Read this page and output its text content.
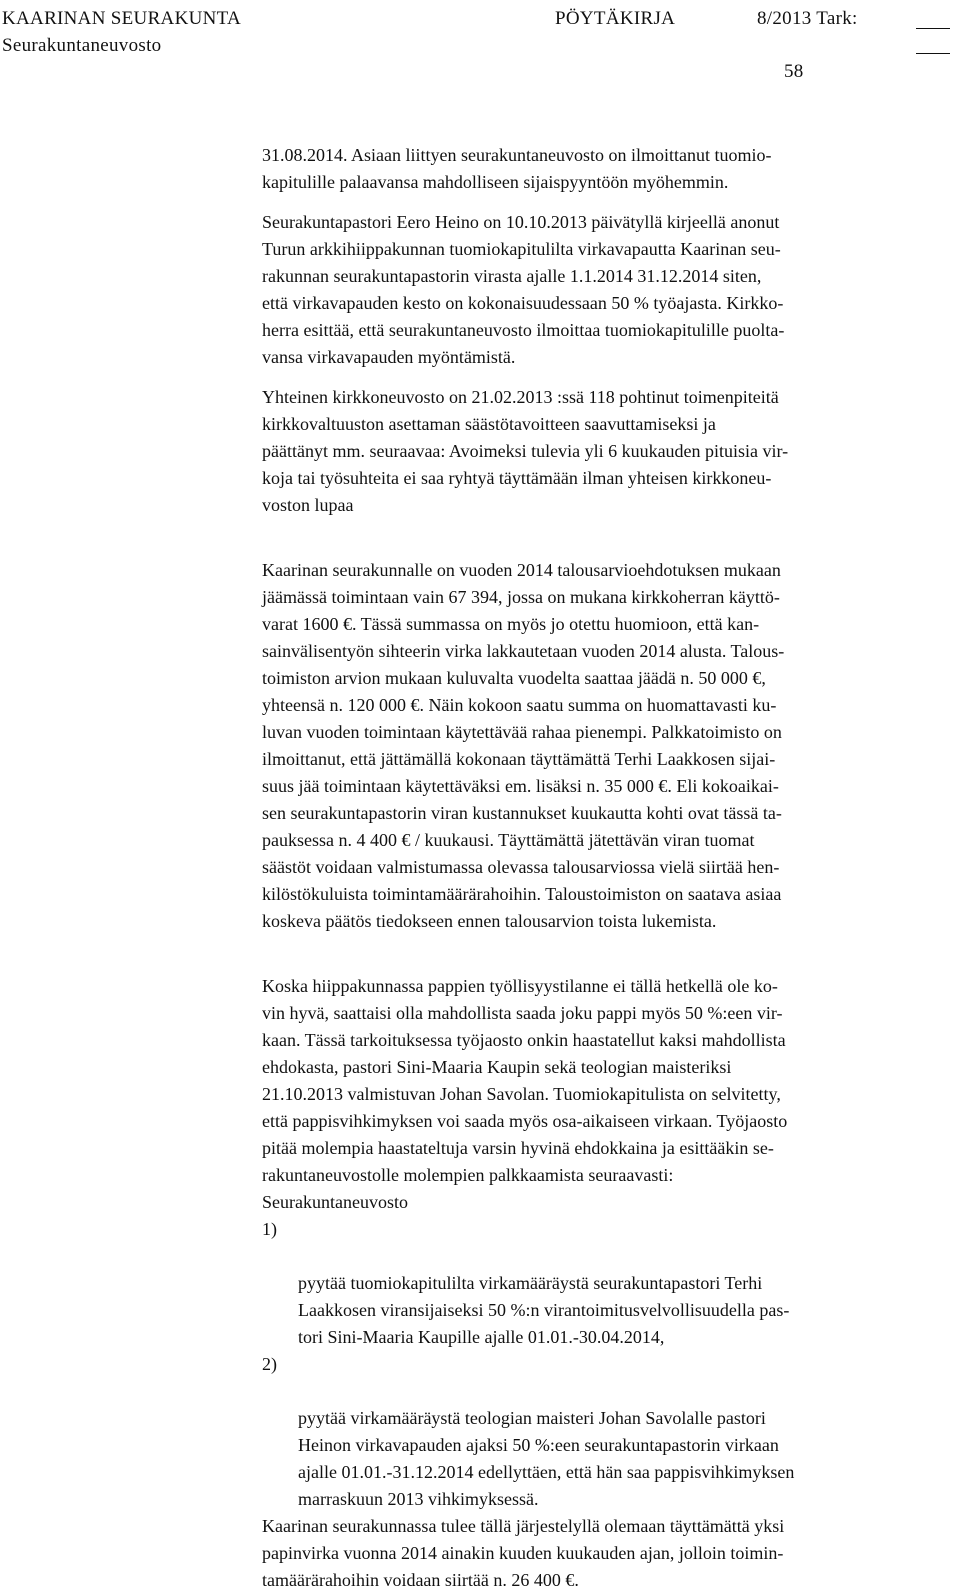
KAARINAN SEURAKUNTA	PÖYTÄKIRJA	8/2013 Tark:
Seurakuntaneuvosto
58

31.08.2014. Asiaan liittyen seurakuntaneuvosto on ilmoittanut tuomio-
kapitulille palaavansa mahdolliseen sijaispyyntöön myöhemmin.

Seurakuntapastori Eero Heino on 10.10.2013 päivätyllä kirjeellä anonut
Turun arkkihiippakunnan tuomiokapitulilta virkavapautta Kaarinan seu-
rakunnan seurakuntapastorin virasta ajalle 1.1.2014 31.12.2014 siten,
että virkavapauden kesto on kokonaisuudessaan 50 % työajasta. Kirkko-
herra esittää, että seurakuntaneuvosto ilmoittaa tuomiokapitulille puolta-
vansa virkavapauden myöntämistä.

Yhteinen kirkkoneuvosto on 21.02.2013 :ssä 118 pohtinut toimenpiteitä
kirkkovaltuuston asettaman säästötavoitteen saavuttamiseksi ja
päättänyt mm. seuraavaa: Avoimeksi tulevia yli 6 kuukauden pituisia vir-
koja tai työsuhteita ei saa ryhtyä täyttämään ilman yhteisen kirkkoneu-
voston lupaa

Kaarinan seurakunnalle on vuoden 2014 talousarvioehdotuksen mukaan
jäämässä toimintaan vain 67 394, jossa on mukana kirkkoherran käyttö-
varat 1600 €. Tässä summassa on myös jo otettu huomioon, että kan-
sainvälisentyön sihteerin virka lakkautetaan vuoden 2014 alusta. Talous-
toimiston arvion mukaan kuluvalta vuodelta saattaa jäädä n. 50 000 €,
yhteensä n. 120 000 €. Näin kokoon saatu summa on huomattavasti ku-
luvan vuoden toimintaan käytettävää rahaa pienempi. Palkkatoimisto on
ilmoittanut, että jättämällä kokonaan täyttämättä Terhi Laakkosen sijai-
suus jää toimintaan käytettäväksi em. lisäksi n. 35 000 €. Eli kokoaikai-
sen seurakuntapastorin viran kustannukset kuukautta kohti ovat tässä ta-
pauksessa n. 4 400 € / kuukausi. Täyttämättä jätettävän viran tuomat
säästöt voidaan valmistumassa olevassa talousarviossa vielä siirtää hen-
kilöstökuluista toimintamäärärahoihin. Taloustoimiston on saatava asiaa
koskeva päätös tiedokseen ennen talousarvion toista lukemista.

Koska hiippakunnassa pappien työllisyystilanne ei tällä hetkellä ole ko-
vin hyvä, saattaisi olla mahdollista saada joku pappi myös 50 %:een vir-
kaan. Tässä tarkoituksessa työjaosto onkin haastatellut kaksi mahdollista
ehdokasta, pastori Sini-Maaria Kaupin sekä teologian maisteriksi
21.10.2013 valmistuvan Johan Savolan. Tuomiokapitulista on selvitetty,
että pappisvihkimyksen voi saada myös osa-aikaiseen virkaan. Työjaosto
pitää molempia haastateltuja varsin hyvinä ehdokkaina ja esittääkin se-
rakuntaneuvostolle molempien palkkaamista seuraavasti:

Seurakuntaneuvosto

1)

pyytää tuomiokapitulilta virkamääräystä seurakuntapastori Terhi
Laakkosen viransijaiseksi 50 %:n virantoimitusvelvollisuudella pas-
tori Sini-Maaria Kaupille ajalle 01.01.-30.04.2014,

2)

pyytää virkamääräystä teologian maisteri Johan Savolalle pastori
Heinon virkavapauden ajaksi 50 %:een seurakuntapastorin virkaan
ajalle 01.01.-31.12.2014 edellyttäen, että hän saa pappisvihkimyksen
marraskuun 2013 vihkimyksessä.

Kaarinan seurakunnassa tulee tällä järjestelyllä olemaan täyttämättä yksi
papinvirka vuonna 2014 ainakin kuuden kuukauden ajan, jolloin toimin-
tamäärärahoihin voidaan siirtää n. 26 400 €.
